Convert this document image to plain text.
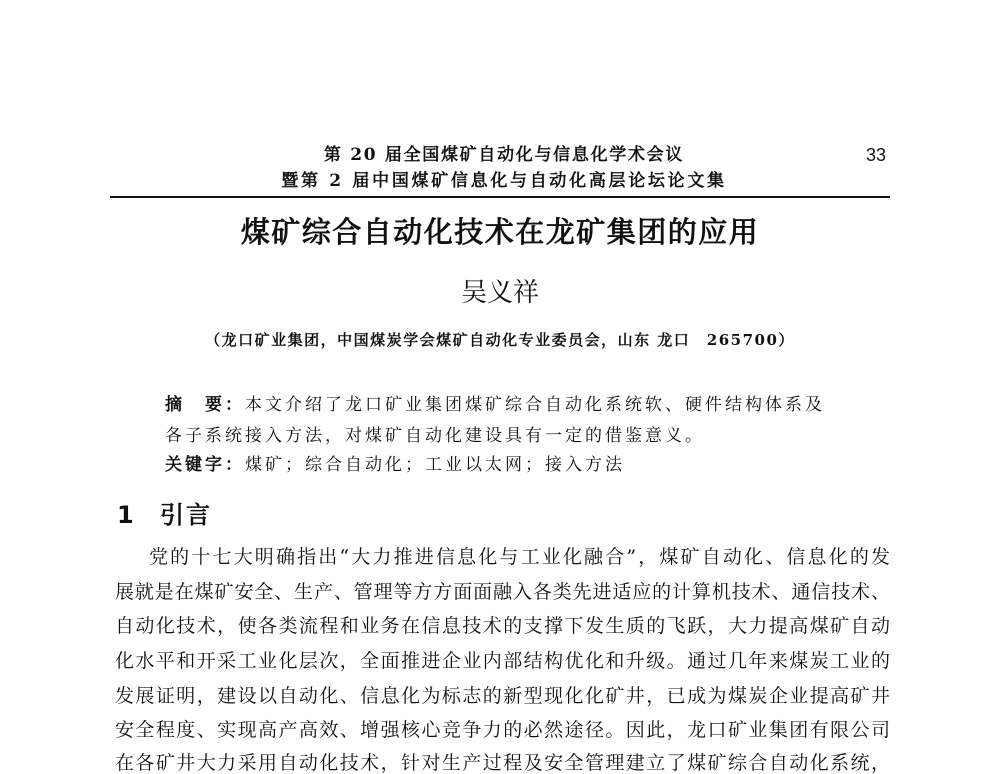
第 20 届全国煤矿自动化与信息化学术会议
暨第 2 届中国煤矿信息化与自动化高层论坛论文集
33
煤矿综合自动化技术在龙矿集团的应用
吴义祥
（龙口矿业集团，中国煤炭学会煤矿自动化专业委员会，山东 龙口　265700）
摘　要：本文介绍了龙口矿业集团煤矿综合自动化系统软、硬件结构体系及
各子系统接入方法，对煤矿自动化建设具有一定的借鉴意义。
关键字：煤矿；综合自动化；工业以太网；接入方法
1 引言
党的十七大明确指出“大力推进信息化与工业化融合”，煤矿自动化、信息化的发
展就是在煤矿安全、生产、管理等方方面面融入各类先进适应的计算机技术、通信技术、
自动化技术，使各类流程和业务在信息技术的支撑下发生质的飞跃，大力提高煤矿自动
化水平和开采工业化层次，全面推进企业内部结构优化和升级。通过几年来煤炭工业的
发展证明，建设以自动化、信息化为标志的新型现化化矿井，已成为煤炭企业提高矿井
安全程度、实现高产高效、增强核心竞争力的必然途径。因此，龙口矿业集团有限公司
在各矿井大力采用自动化技术，针对生产过程及安全管理建立了煤矿综合自动化系统，
